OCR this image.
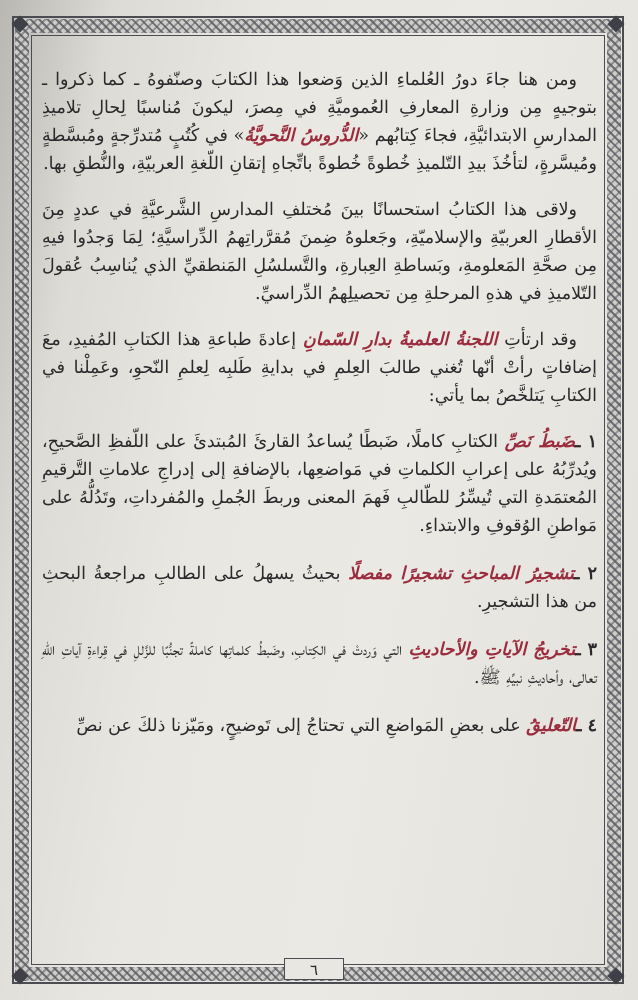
ومن هنا جاءَ دورُ العُلماءِ الذين وَضعوا هذا الكتابَ وصنّفوهُ ـ كما ذكروا ـ بتوجيهٍ مِن وزارةِ المعارفِ العُموميَّةِ في مِصرَ، ليكونَ مُناسبًا لِحالِ تلاميذِ المدارسِ الابتدائيَّةِ، فجاءَ كِتابُهم «الدُّروسُ النَّحويَّةُ» في كُتُبٍ مُتدرِّجةٍ ومُبسَّطةٍ ومُيسَّرةٍ، لتأخُذَ بيدِ التّلميذِ خُطوةً خُطوةً باتِّجاهِ إتقانِ اللّغةِ العربيّةِ، والنُّطقِ بها.

ولاقى هذا الكتابُ استحسانًا بينَ مُختلفِ المدارسِ الشَّرعيَّةِ في عددٍ مِنَ الأقطارِ العربيّةِ والإسلاميّةِ، وجَعلوهُ ضِمنَ مُقرَّراتِهمُ الدِّراسيَّةِ؛ لِمَا وَجدُوا فيهِ مِن صحَّةِ المَعلومةِ، وبَساطةِ العِبارةِ، والتَّسلسُلِ المَنطقيِّ الذي يُناسِبُ عُقولَ التّلاميذِ في هذهِ المرحلةِ مِن تحصيلِهمُ الدِّراسيِّ.

وقد ارتأتِ اللجنةُ العلميةُ بدارِ السّمانِ إعادةَ طباعةِ هذا الكتابِ المُفيدِ، معَ إضافاتٍ رأتْ أنّها تُغني طالبَ العِلمِ في بدايةِ طَلبِه لِعلمِ النّحوِ، وعَمِلْنا في الكتابِ يَتلخَّصُ بما يأتي:

١ ـضَبطُ نَصِّ الكتابِ كاملًا، ضَبطًا يُساعدُ القارئَ المُبتدئَ على اللّفظِ الصَّحيحِ، ويُدرِّبُهُ على إعرابِ الكلماتِ في مَواضعِها، بالإضافةِ إلى إدراجِ علاماتِ التَّرقيمِ المُعتمَدةِ التي تُيسِّرُ للطّالبِ فَهمَ المعنى وربطَ الجُملِ والمُفرداتِ، وتَدُلُّهُ على مَواطنِ الوُقوفِ والابتداءِ.

٢ ـتشجيرُ المباحثِ تشجيرًا مفصلًا بحيثُ يسهلُ على الطالبِ مراجعةُ البحثِ من هذا التشجيرِ.

٣ ـتخريجُ الآياتِ والأحاديثِ التي وَردتْ في الكِتابِ، وضَبطُ كلماتِها كاملةً تجنُّبًا للزَّللِ في قِراءةِ آياتِ اللهِ تعالى، وأحاديثِ نبيِّهِ ﷺ.

٤ ـالتّعليقُ على بعضِ المَواضعِ التي تحتاجُ إلى تَوضيحٍ، ومَيّزنا ذلكَ عن نصِّ

٦
